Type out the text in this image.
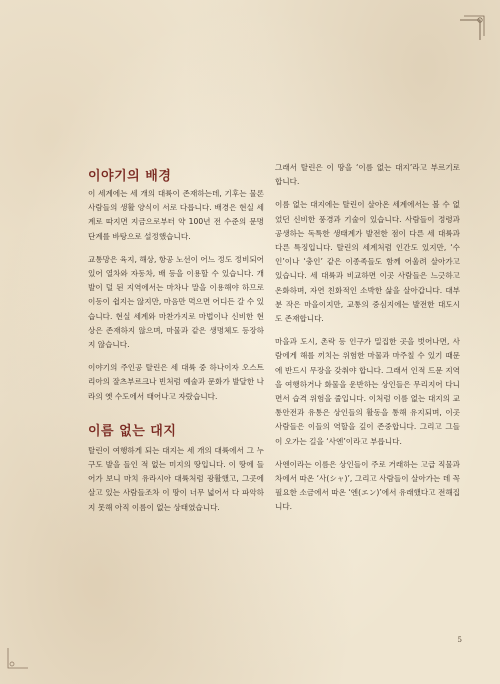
이야기의 배경

이 세계에는 세 개의 대륙이 존재하는데, 기후는 물론 사람들의 생활 양식이 서로 다릅니다. 배경은 현실 세계로 따지면 지금으로부터 약 100년 전 수준의 문명 단계를 바탕으로 설정했습니다.

교통망은 육지, 해상, 항공 노선이 어느 정도 정비되어 있어 열차와 자동차, 배 등을 이용할 수 있습니다. 개발이 덜 된 지역에서는 마차나 말을 이용해야 하므로 이동이 쉽지는 않지만, 마음만 먹으면 어디든 갈 수 있습니다. 현실 세계와 마찬가지로 마법이나 신비한 현상은 존재하지 않으며, 마물과 같은 생명체도 등장하지 않습니다.

이야기의 주인공 탈린은 세 대륙 중 하나이자 오스트리아의 잘츠부르크나 빈처럼 예술과 문화가 발달한 나라의 옛 수도에서 태어나고 자랐습니다.

이름 없는 대지

탈린이 여행하게 되는 대지는 세 개의 대륙에서 그 누구도 발을 들인 적 없는 미지의 땅입니다. 이 땅에 들어가 보니 마치 유라시아 대륙처럼 광활했고, 그곳에 살고 있는 사람들조차 이 땅이 너무 넓어서 다 파악하지 못해 아직 이름이 없는 상태였습니다.

그래서 탈린은 이 땅을 ‘이름 없는 대지’라고 부르기로 합니다.

이름 없는 대지에는 탈린이 살아온 세계에서는 볼 수 없었던 신비한 풍경과 기술이 있습니다. 사람들이 정령과 공생하는 독특한 생태계가 발전한 점이 다른 세 대륙과 다른 특징입니다. 탈린의 세계처럼 인간도 있지만, ‘수인’이나 ‘충인’ 같은 이종족들도 함께 어울려 살아가고 있습니다. 세 대륙과 비교하면 이곳 사람들은 느긋하고 온화하며, 자연 친화적인 소박한 삶을 살아갑니다. 대부분 작은 마을이지만, 교통의 중심지에는 발전한 대도시도 존재합니다.

마을과 도시, 촌락 등 인구가 밀집한 곳을 벗어나면, 사람에게 해를 끼치는 위험한 마물과 마주칠 수 있기 때문에 반드시 무장을 갖춰야 합니다. 그래서 인적 드문 지역을 여행하거나 화물을 운반하는 상인들은 무리지어 다니면서 습격 위험을 줄입니다. 이처럼 이름 없는 대지의 교통안전과 유통은 상인들의 활동을 통해 유지되며, 이곳 사람들은 이들의 역할을 깊이 존중합니다. 그리고 그들이 오가는 길을 ‘사엔’이라고 부릅니다.

사엔이라는 이름은 상인들이 주로 거래하는 고급 직물과 차에서 따온 ‘사(シャ)’, 그리고 사람들이 살아가는 데 꼭 필요한 소금에서 따온 ‘엔(エン)’에서 유래했다고 전해집니다.

5
